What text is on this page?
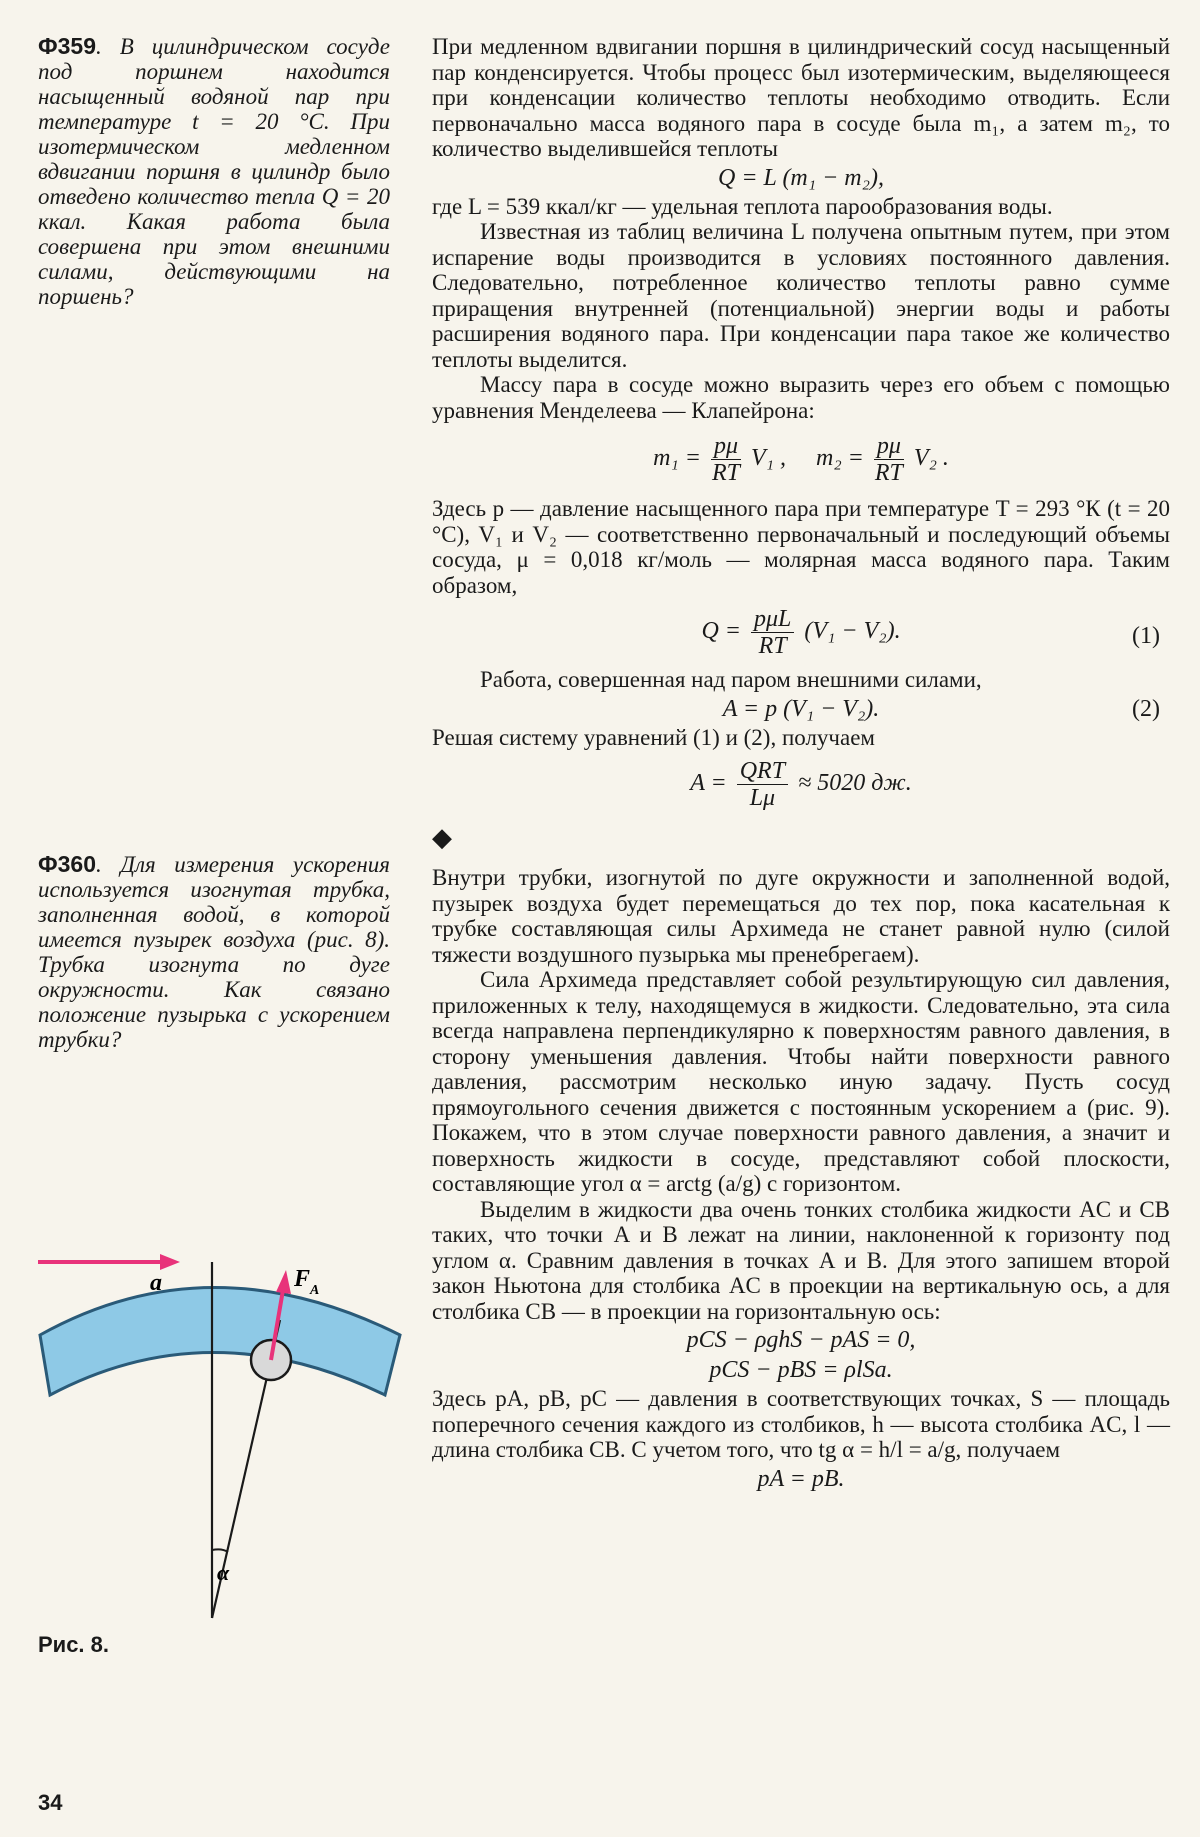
Ф359. В цилиндрическом сосуде под поршнем находится насыщенный водяной пар при температуре t = 20 °С. При изотермическом медленном вдвигании поршня в цилиндр было отведено количество тепла Q = 20 ккал. Какая работа была совершена при этом внешними силами, действующими на поршень?

Ф360. Для измерения ускорения используется изогнутая трубка, заполненная водой, в которой имеется пузырек воздуха (рис. 8). Трубка изогнута по дуге окружности. Как связано положение пузырька с ускорением трубки?

a	F A
α
Рис. 8.

При медленном вдвигании поршня в цилиндрический сосуд насыщенный пар конденсируется. Чтобы процесс был изотермическим, выделяющееся при конденсации количество теплоты необходимо отводить. Если первоначально масса водяного пара в сосуде была m₁, а затем m₂, то количество выделившейся теплоты

Q = L (m₁ − m₂),

где L = 539 ккал/кг — удельная теплота парообразования воды.

Известная из таблиц величина L получена опытным путем, при этом испарение воды производится в условиях постоянного давления. Следовательно, потребленное количество теплоты равно сумме приращения внутренней (потенциальной) энергии воды и работы расширения водяного пара. При конденсации пара такое же количество теплоты выделится.

Массу пара в сосуде можно выразить через его объем с помощью уравнения Менделеева — Клапейрона:

$m_1 = \frac{p\mu}{RT} V_1$ , $m_2 = \frac{p\mu}{RT} V_2$ .

Здесь p — давление насыщенного пара при температуре T = 293 °К (t = 20 °С), V₁ и V₂ — соответственно первоначальный и последующий объемы сосуда, μ = 0,018 кг/моль — молярная масса водяного пара. Таким образом,

$Q = \frac{\text{pμL}}{RT} (V_1 - V_2)$.	(1)

Работа, совершенная над паром внешними силами,

A = p (V₁ − V₂).	(2)

Решая систему уравнений (1) и (2), получаем

$A = \frac{\text{QRT}}{L\mu} \approx 5020$ дж.
◆

Внутри трубки, изогнутой по дуге окружности и заполненной водой, пузырек воздуха будет перемещаться до тех пор, пока касательная к трубке составляющая силы Архимеда не станет равной нулю (силой тяжести воздушного пузырька мы пренебрегаем).

Сила Архимеда представляет собой результирующую сил давления, приложенных к телу, находящемуся в жидкости. Следовательно, эта сила всегда направлена перпендикулярно к поверхностям равного давления, в сторону уменьшения давления. Чтобы найти поверхности равного давления, рассмотрим несколько иную задачу. Пусть сосуд прямоугольного сечения движется с постоянным ускорением a (рис. 9). Покажем, что в этом случае поверхности равного давления, а значит и поверхность жидкости в сосуде, представляют собой плоскости, составляющие угол α = arctg (a/g) с горизонтом.

Выделим в жидкости два очень тонких столбика жидкости AC и CB таких, что точки A и B лежат на линии, наклоненной к горизонту под углом α. Сравним давления в точках A и B. Для этого запишем второй закон Ньютона для столбика AC в проекции на вертикальную ось, а для столбика CB — в проекции на горизонтальную ось:

pCS − ρghS − pAS = 0,
pCS − pBS = ρlSa.

Здесь pA, pB, pC — давления в соответствующих точках, S — площадь поперечного сечения каждого из столбиков, h — высота столбика AC, l — длина столбика CB. С учетом того, что tg α = h/l = a/g, получаем

pA = pB.
34
